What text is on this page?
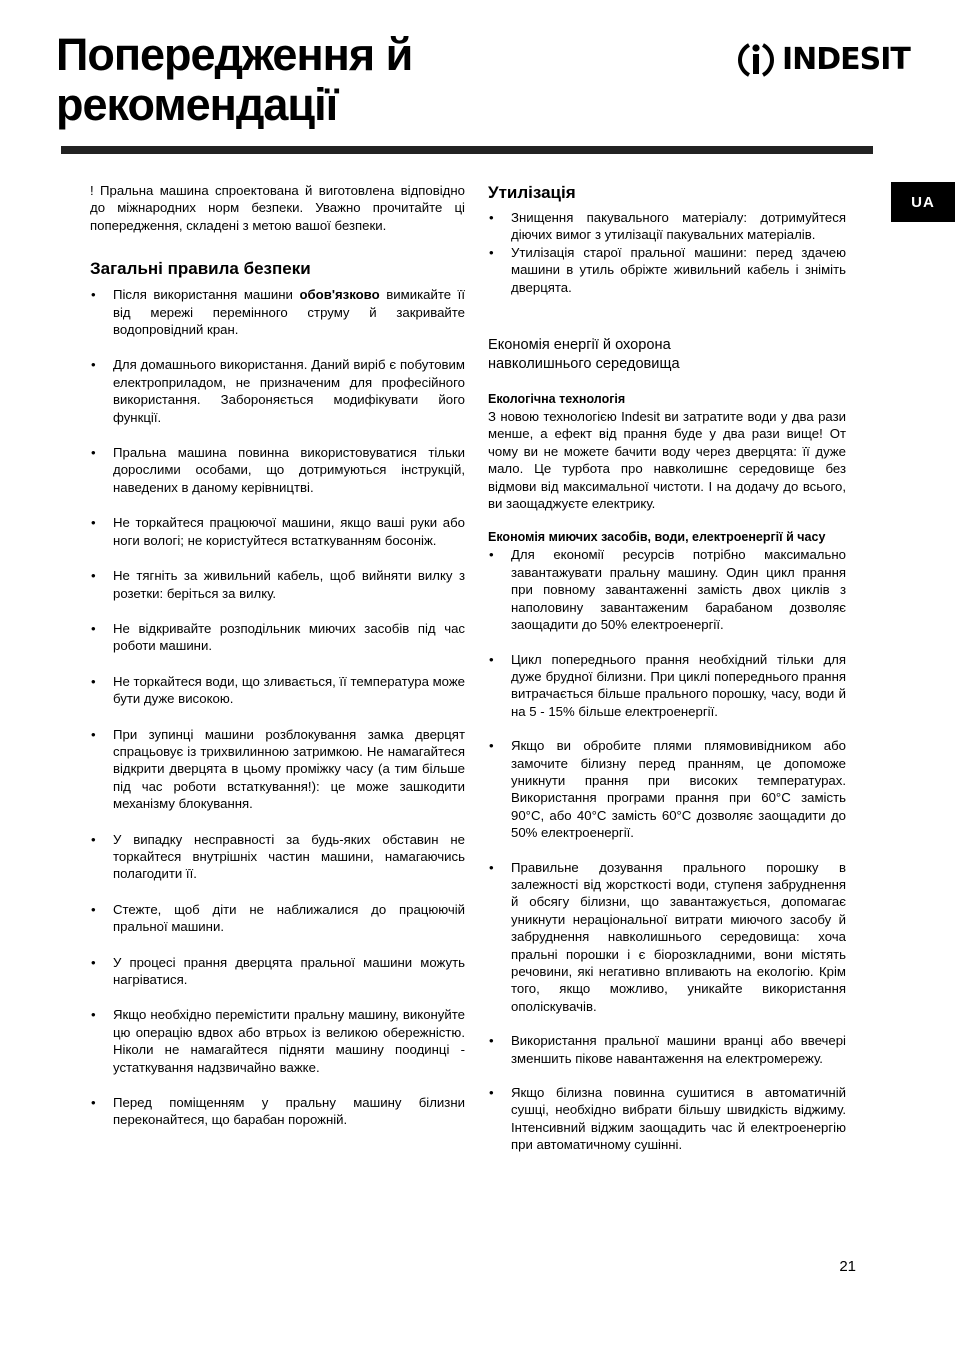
Попередження й
рекомендації
INDESIT
UA

! Пральна машина спроектована й виготовлена відповідно до міжнародних норм безпеки. Уважно прочитайте ці попередження, складені з метою вашої безпеки.

Загальні правила безпеки
• Після використання машини обов'язково вимикайте її від мережі перемінного струму й закривайте водопровідний кран.
• Для домашнього використання. Даний виріб є побутовим електроприладом, не призначеним для професійного використання. Забороняється модифікувати його функції.
• Пральна машина повинна використовуватися тільки дорослими особами, що дотримуються інструкцій, наведених в даному керівництві.
• Не торкайтеся працюючої машини, якщо ваші руки або ноги вологі; не користуйтеся встаткуванням босоніж.
• Не тягніть за живильний кабель, щоб вийняти вилку з розетки: беріться за вилку.
• Не відкривайте розподільник миючих засобів під час роботи машини.
• Не торкайтеся води, що зливається, її температура може бути дуже високою.
• При зупинці машини розблокування замка дверцят спрацьовує із трихвилинною затримкою. Не намагайтеся відкрити дверцята в цьому проміжку часу (а тим більше під час роботи встаткування!): це може зашкодити механізму блокування.
• У випадку несправності за будь-яких обставин не торкайтеся внутрішніх частин машини, намагаючись полагодити її.
• Стежте, щоб діти не наближалися до працюючій пральної машини.
• У процесі прання дверцята пральної машини можуть нагріватися.
• Якщо необхідно перемістити пральну машину, виконуйте цю операцію вдвох або втрьох із великою обережністю. Ніколи не намагайтеся підняти машину поодинці - устаткування надзвичайно важке.
• Перед поміщенням у пральну машину білизни переконайтеся, що барабан порожній.
Утилізація
• Знищення пакувального матеріалу: дотримуйтеся діючих вимог з утилізації пакувальних матеріалів.
• Утилізація старої пральної машини: перед здачею машини в утиль обріжте живильний кабель і зніміть дверцята.
Економія енергії й охорона
навколишнього середовища
Екологічна технологія

З новою технологією Indesit ви затратите води у два рази менше, а ефект від прання буде у два рази вище! От чому ви не можете бачити воду через дверцята: її дуже мало. Це турбота про навколишнє середовище без відмови від максимальної чистоти. І на додачу до всього, ви заощаджуєте електрику.

Економія миючих засобів, води, електроенергії й часу
• Для економії ресурсів потрібно максимально завантажувати пральну машину. Один цикл прання при повному завантаженні замість двох циклів з наполовину завантаженим барабаном дозволяє заощадити до 50% електроенергії.
• Цикл попереднього прання необхідний тільки для дуже брудної білизни. При циклі попереднього прання витрачається більше прального порошку, часу, води й на 5 - 15% більше електроенергії.
• Якщо ви обробите плями плямовивідником або замочите білизну перед пранням, це допоможе уникнути прання при високих температурах. Використання програми прання при 60°C замість 90°C, або 40°C замість 60°C дозволяє заощадити до 50% електроенергії.
• Правильне дозування прального порошку в залежності від жорсткості води, ступеня забруднення й обсягу білизни, що завантажується, допомагає уникнути нераціональної витрати миючого засобу й забруднення навколишнього середовища: хоча пральні порошки і є біорозкладними, вони містять речовини, які негативно впливають на екологію. Крім того, якщо можливо, уникайте використання ополіскувачів.
• Використання пральної машини вранці або ввечері зменшить пікове навантаження на електромережу.
• Якщо білизна повинна сушитися в автоматичній сушці, необхідно вибрати більшу швидкість віджиму. Інтенсивний віджим заощадить час й електроенергію при автоматичному сушінні.
21
